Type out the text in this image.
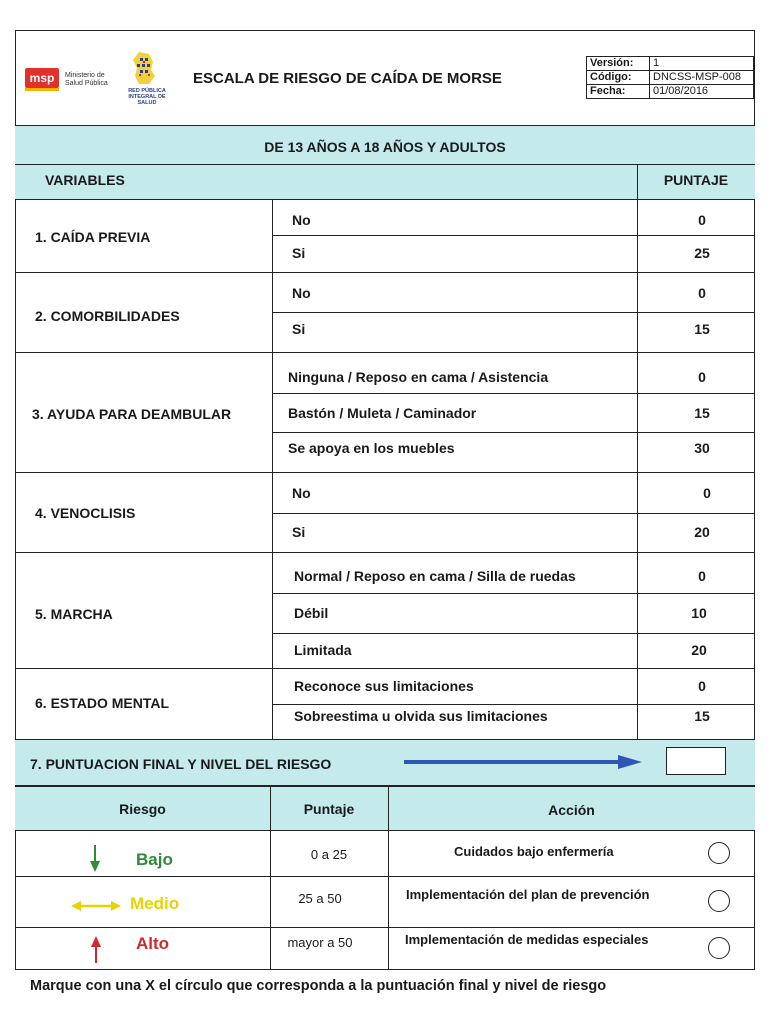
msp	Ministerio de Salud Pública
RED PÚBLICA INTEGRAL DE SALUD
ESCALA DE RIESGO DE CAÍDA DE MORSE
Versión:	1
Código:	DNCSS-MSP-008
Fecha:	01/08/2016
DE 13 AÑOS A 18 AÑOS Y ADULTOS
VARIABLES	PUNTAJE
1. CAÍDA PREVIA
No	0
Si	25
2. COMORBILIDADES
No	0
Si	15
3. AYUDA PARA DEAMBULAR
Ninguna / Reposo en cama / Asistencia	0
Bastón / Muleta / Caminador	15
Se apoya en los muebles	30
4. VENOCLISIS
No	0
Si	20
5. MARCHA
Normal / Reposo en cama / Silla de ruedas	0
Débil	10
Limitada	20
6. ESTADO MENTAL
Reconoce sus limitaciones	0
Sobreestima u olvida sus limitaciones	15
7. PUNTUACION FINAL Y NIVEL DEL RIESGO
Riesgo	Puntaje	Acción
Bajo	0 a 25	Cuidados bajo enfermería
Medio	25 a 50	Implementación del plan de prevención
Alto	mayor a 50	Implementación de medidas especiales
Marque con una X el círculo que corresponda a la puntuación final y nivel de riesgo
